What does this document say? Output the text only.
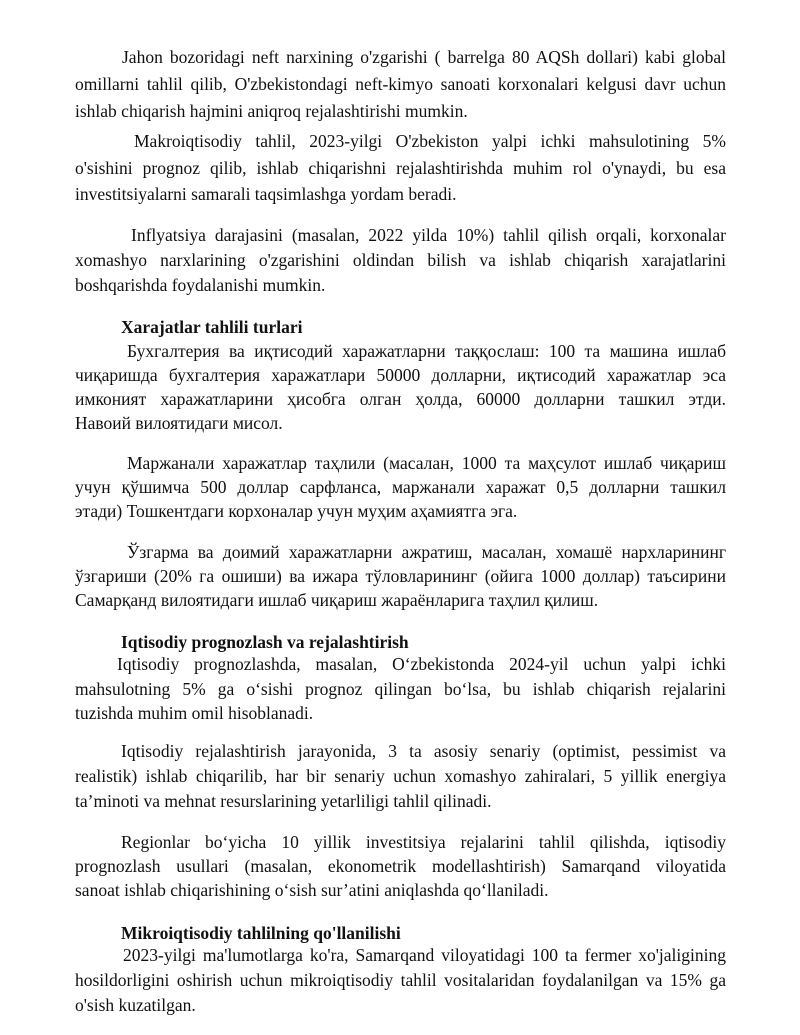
Jahon bozoridagi neft narxining o'zgarishi ( barrelga 80 AQSh dollari) kabi global
omillarni tahlil qilib, O'zbekistondagi neft-kimyo sanoati korxonalari kelgusi davr uchun
ishlab chiqarish hajmini aniqroq rejalashtirishi mumkin.
Makroiqtisodiy tahlil, 2023-yilgi O'zbekiston yalpi ichki mahsulotining 5%
o'sishini prognoz qilib, ishlab chiqarishni rejalashtirishda muhim rol o'ynaydi, bu esa
investitsiyalarni samarali taqsimlashga yordam beradi.
Inflyatsiya darajasini (masalan, 2022 yilda 10%) tahlil qilish orqali, korxonalar
xomashyo narxlarining o'zgarishini oldindan bilish va ishlab chiqarish xarajatlarini
boshqarishda foydalanishi mumkin.
Xarajatlar tahlili turlari
Бухгалтерия ва иқтисодий харажатларни таққослаш: 100 та машина ишлаб
чиқаришда бухгалтерия харажатлари 50000 долларни, иқтисодий харажатлар эса
имконият харажатларини ҳисобга олган ҳолда, 60000 долларни ташкил этди.
Навоий вилоятидаги мисол.
Маржанали харажатлар таҳлили (масалан, 1000 та маҳсулот ишлаб чиқариш
учун қўшимча 500 доллар сарфланса, маржанали харажат 0,5 долларни ташкил
этади) Тошкентдаги корхоналар учун муҳим аҳамиятга эга.
Ўзгарма ва доимий харажатларни ажратиш, масалан, хомашё нархларининг
ўзгариши (20% га ошиши) ва ижара тўловларининг (ойига 1000 доллар) таъсирини
Самарқанд вилоятидаги ишлаб чиқариш жараёнларига таҳлил қилиш.
Iqtisodiy prognozlash va rejalashtirish
Iqtisodiy prognozlashda, masalan, O‘zbekistonda 2024-yil uchun yalpi ichki
mahsulotning 5% ga o‘sishi prognoz qilingan bo‘lsa, bu ishlab chiqarish rejalarini
tuzishda muhim omil hisoblanadi.
Iqtisodiy rejalashtirish jarayonida, 3 ta asosiy senariy (optimist, pessimist va
realistik) ishlab chiqarilib, har bir senariy uchun xomashyo zahiralari, 5 yillik energiya
ta’minoti va mehnat resurslarining yetarliligi tahlil qilinadi.
Regionlar bo‘yicha 10 yillik investitsiya rejalarini tahlil qilishda, iqtisodiy
prognozlash usullari (masalan, ekonometrik modellashtirish) Samarqand viloyatida
sanoat ishlab chiqarishining o‘sish sur’atini aniqlashda qo‘llaniladi.
Mikroiqtisodiy tahlilning qo'llanilishi
2023-yilgi ma'lumotlarga ko'ra, Samarqand viloyatidagi 100 ta fermer xo'jaligining
hosildorligini oshirish uchun mikroiqtisodiy tahlil vositalaridan foydalanilgan va 15% ga
o'sish kuzatilgan.
